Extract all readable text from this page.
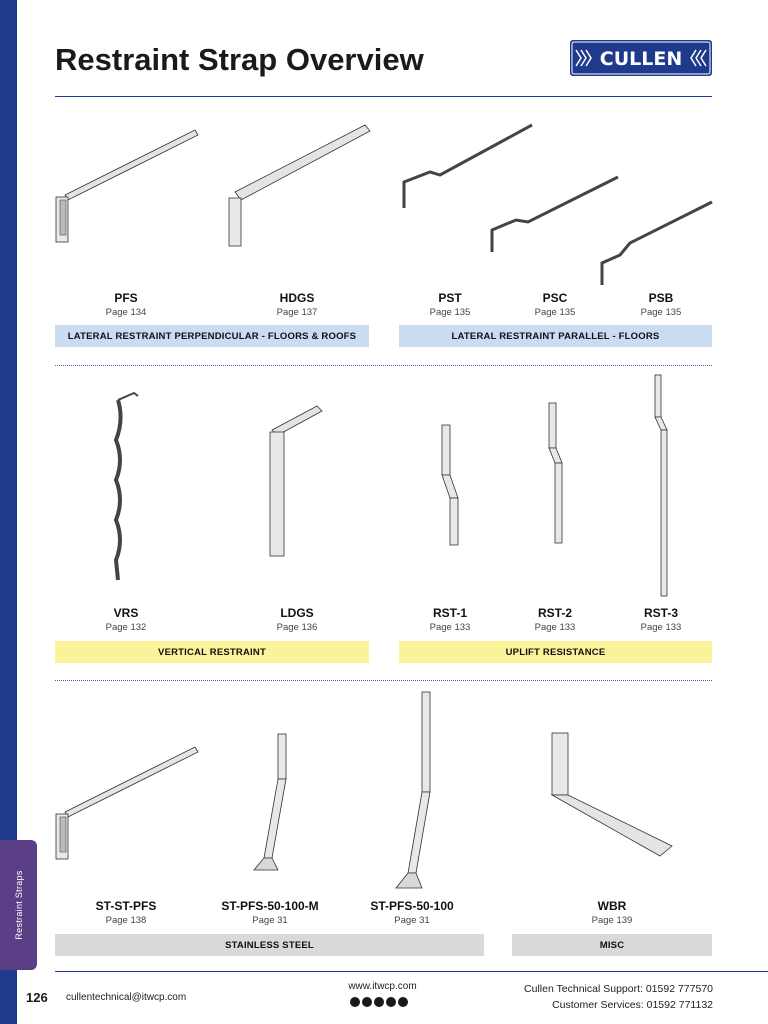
Restraint Straps
Restraint Strap Overview	CULLEN
PFS
Page 134
HDGS
Page 137
PST
Page 135
PSC
Page 135
PSB
Page 135
LATERAL RESTRAINT PERPENDICULAR - FLOORS & ROOFS	LATERAL RESTRAINT PARALLEL - FLOORS
VRS
Page 132
LDGS
Page 136
RST-1
Page 133
RST-2
Page 133
RST-3
Page 133
VERTICAL RESTRAINT	UPLIFT RESISTANCE
ST-ST-PFS
Page 138
ST-PFS-50-100-M
Page 31
ST-PFS-50-100
Page 31
WBR
Page 139
STAINLESS STEEL	MISC
126 cullentechnical@itwcp.com
www.itwcp.com	Cullen Technical Support: 01592 777570
Customer Services: 01592 771132
